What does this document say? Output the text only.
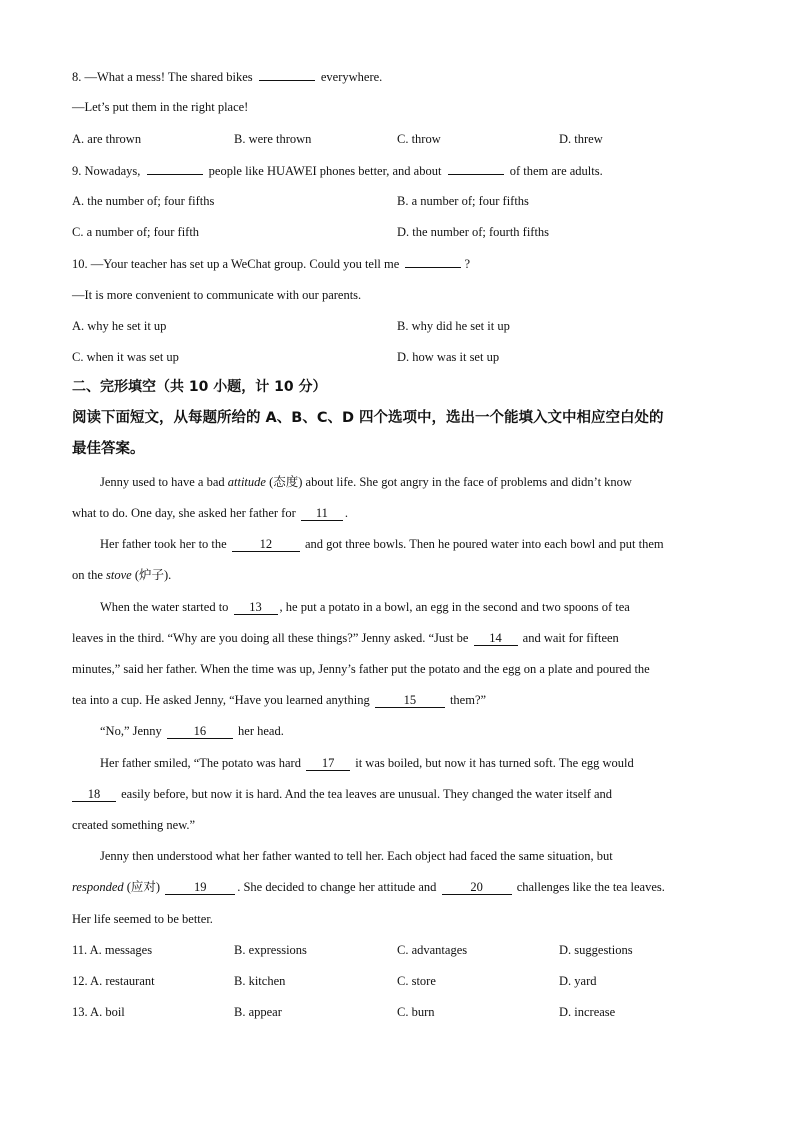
8. —What a mess! The shared bikes	everywhere.
—Let’s put them in the right place!
A. are thrown	B. were thrown	C. throw	D. threw
9. Nowadays,	people like HUAWEI phones better, and about	of them are adults.
A. the number of; four fifths	B. a number of; four fifths
C. a number of; four fifth	D. the number of; fourth fifths
10. —Your teacher has set up a WeChat group. Could you tell me	?
—It is more convenient to communicate with our parents.
A. why he set it up	B. why did he set it up
C. when it was set up	D. how was it set up
二、完形填空（共 10 小题，计 10 分）
阅读下面短文，从每题所给的 A、B、C、D 四个选项中，选出一个能填入文中相应空白处的
最佳答案。
Jenny used to have a bad attitude (态度) about life. She got angry in the face of problems and didn’t know
what to do. One day, she asked her father for 11 .
Her father took her to the	12	and got three bowls. Then he poured water into each bowl and put them
on the stove (炉子).
When the water started to 13 , he put a potato in a bowl, an egg in the second and two spoons of tea
leaves in the third. “Why are you doing all these things?” Jenny asked. “Just be 14 and wait for fifteen
minutes,” said her father. When the time was up, Jenny’s father put the potato and the egg on a plate and poured the
tea into a cup. He asked Jenny, “Have you learned anything	15	them?”
“No,” Jenny	16	her head.
Her father smiled, “The potato was hard 17 it was boiled, but now it has turned soft. The egg would
18 easily before, but now it is hard. And the tea leaves are unusual. They changed the water itself and
created something new.”
Jenny then understood what her father wanted to tell her. Each object had faced the same situation, but
responded (应对)	19 . She decided to change her attitude and	20	challenges like the tea leaves.
Her life seemed to be better.
11. A. messages	B. expressions	C. advantages	D. suggestions
12. A. restaurant	B. kitchen	C. store	D. yard
13. A. boil	B. appear	C. burn	D. increase
